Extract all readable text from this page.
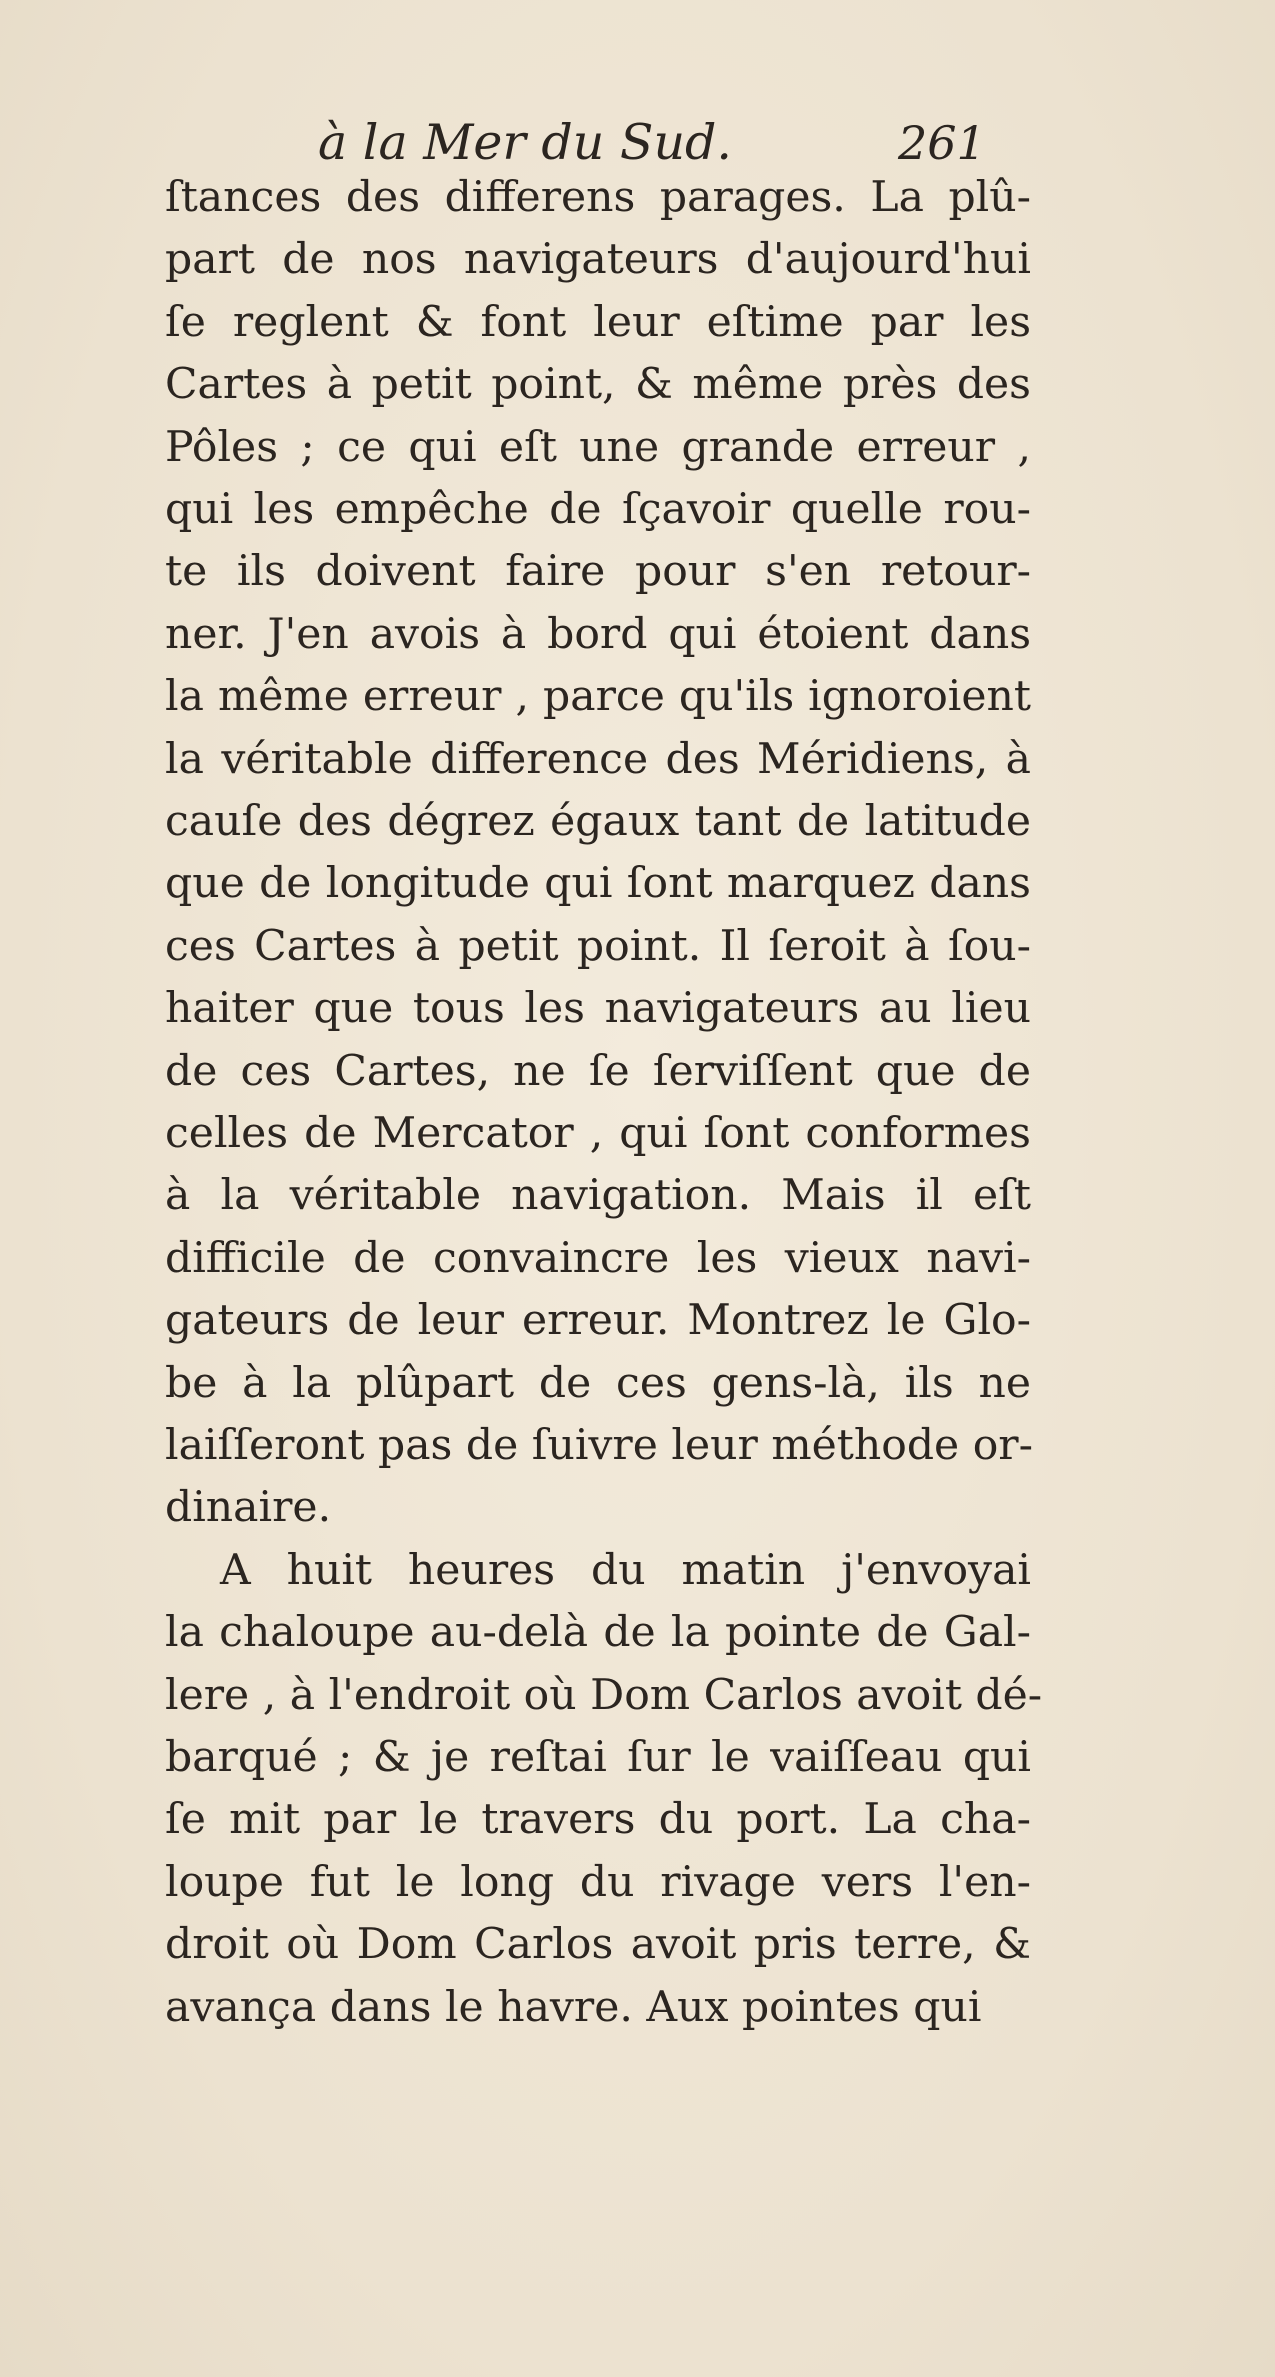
à la Mer du Sud.	261
ſtances des differens parages. La plû-
part de nos navigateurs d'aujourd'hui
ſe reglent & font leur eſtime par les
Cartes à petit point, & même près des
Pôles ; ce qui eſt une grande erreur ,
qui les empêche de ſçavoir quelle rou-
te ils doivent faire pour s'en retour-
ner. J'en avois à bord qui étoient dans
la même erreur , parce qu'ils ignoroient
la véritable difference des Méridiens, à
cauſe des dégrez égaux tant de latitude
que de longitude qui ſont marquez dans
ces Cartes à petit point. Il ſeroit à ſou-
haiter que tous les navigateurs au lieu
de ces Cartes, ne ſe ſerviſſent que de
celles de Mercator , qui ſont conformes
à la véritable navigation. Mais il eſt
difficile de convaincre les vieux navi-
gateurs de leur erreur. Montrez le Glo-
be à la plûpart de ces gens-là, ils ne
laiſſeront pas de ſuivre leur méthode or-
dinaire.
A huit heures du matin j'envoyai
la chaloupe au-delà de la pointe de Gal-
lere , à l'endroit où Dom Carlos avoit dé-
barqué ; & je reſtai ſur le vaiſſeau qui
ſe mit par le travers du port. La cha-
loupe fut le long du rivage vers l'en-
droit où Dom Carlos avoit pris terre, &
avança dans le havre. Aux pointes qui
